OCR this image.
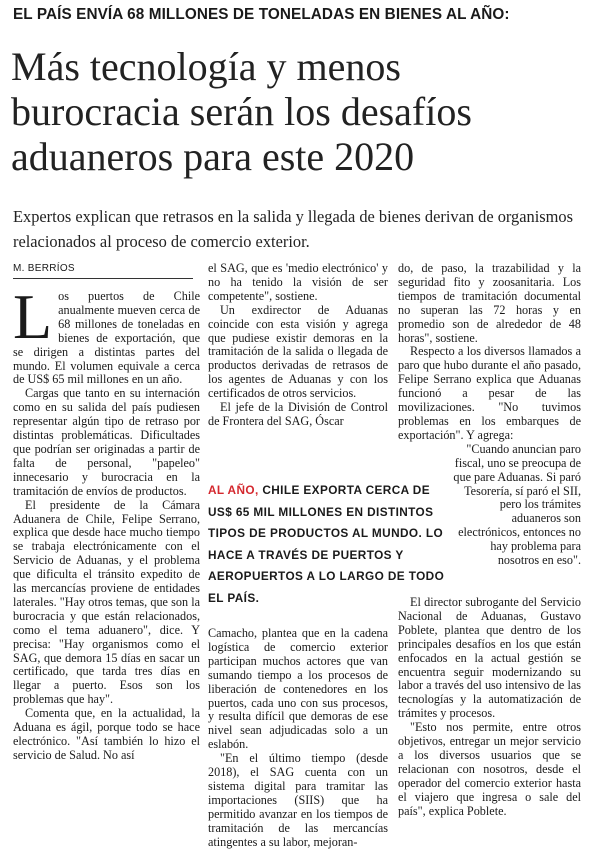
EL PAÍS ENVÍA 68 MILLONES DE TONELADAS EN BIENES AL AÑO:
Más tecnología y menos
burocracia serán los desafíos
aduaneros para este 2020
Expertos explican que retrasos en la salida y llegada de bienes derivan de organismos relacionados al proceso de comercio exterior.
M. BERRÍOS

Los puertos de Chile anualmente mueven cerca de 68 millones de toneladas en bienes de exportación, que se dirigen a distintas partes del mundo. El volumen equivale a cerca de US$ 65 mil millones en un año.

Cargas que tanto en su internación como en su salida del país pudiesen representar algún tipo de retraso por distintas problemáticas. Dificultades que podrían ser originadas a partir de falta de personal, "papeleo" innecesario y burocracia en la tramitación de envíos de productos.

El presidente de la Cámara Aduanera de Chile, Felipe Serrano, explica que desde hace mucho tiempo se trabaja electrónicamente con el Servicio de Aduanas, y el problema que dificulta el tránsito expedito de las mercancías proviene de entidades laterales. "Hay otros temas, que son la burocracia y que están relacionados, como el tema aduanero", dice. Y precisa: "Hay organismos como el SAG, que demora 15 días en sacar un certificado, que tarda tres días en llegar a puerto. Esos son los problemas que hay".

Comenta que, en la actualidad, la Aduana es ágil, porque todo se hace electrónico. "Así también lo hizo el servicio de Salud. No así

el SAG, que es 'medio electrónico' y no ha tenido la visión de ser competente", sostiene.

Un exdirector de Aduanas coincide con esta visión y agrega que pudiese existir demoras en la tramitación de la salida o llegada de productos derivadas de retrasos de los agentes de Aduanas y con los certificados de otros servicios.

El jefe de la División de Control de Frontera del SAG, Óscar

AL AÑO, CHILE EXPORTA CERCA DE US$ 65 MIL MILLONES EN DISTINTOS TIPOS DE PRODUCTOS AL MUNDO. LO HACE A TRAVÉS DE PUERTOS Y AEROPUERTOS A LO LARGO DE TODO EL PAÍS.

Camacho, plantea que en la cadena logística de comercio exterior participan muchos actores que van sumando tiempo a los procesos de liberación de contenedores en los puertos, cada uno con sus procesos, y resulta difícil que demoras de ese nivel sean adjudicadas solo a un eslabón.

"En el último tiempo (desde 2018), el SAG cuenta con un sistema digital para tramitar las importaciones (SIIS) que ha permitido avanzar en los tiempos de tramitación de las mercancías atingentes a su labor, mejoran-

do, de paso, la trazabilidad y la seguridad fito y zoosanitaria. Los tiempos de tramitación documental no superan las 72 horas y en promedio son de alrededor de 48 horas", sostiene.

Respecto a los diversos llamados a paro que hubo durante el año pasado, Felipe Serrano explica que Aduanas funcionó a pesar de las movilizaciones. "No tuvimos problemas en los embarques de exportación". Y agrega:

"Cuando anuncian paro fiscal, uno se preocupa de que pare Aduanas. Si paró Tesorería, sí paró el SII, pero los trámites aduaneros son electrónicos, entonces no hay problema para nosotros en eso".

El director subrogante del Servicio Nacional de Aduanas, Gustavo Poblete, plantea que dentro de los principales desafíos en los que están enfocados en la actual gestión se encuentra seguir modernizando su labor a través del uso intensivo de las tecnologías y la automatización de trámites y procesos.

"Esto nos permite, entre otros objetivos, entregar un mejor servicio a los diversos usuarios que se relacionan con nosotros, desde el operador del comercio exterior hasta el viajero que ingresa o sale del país", explica Poblete.
